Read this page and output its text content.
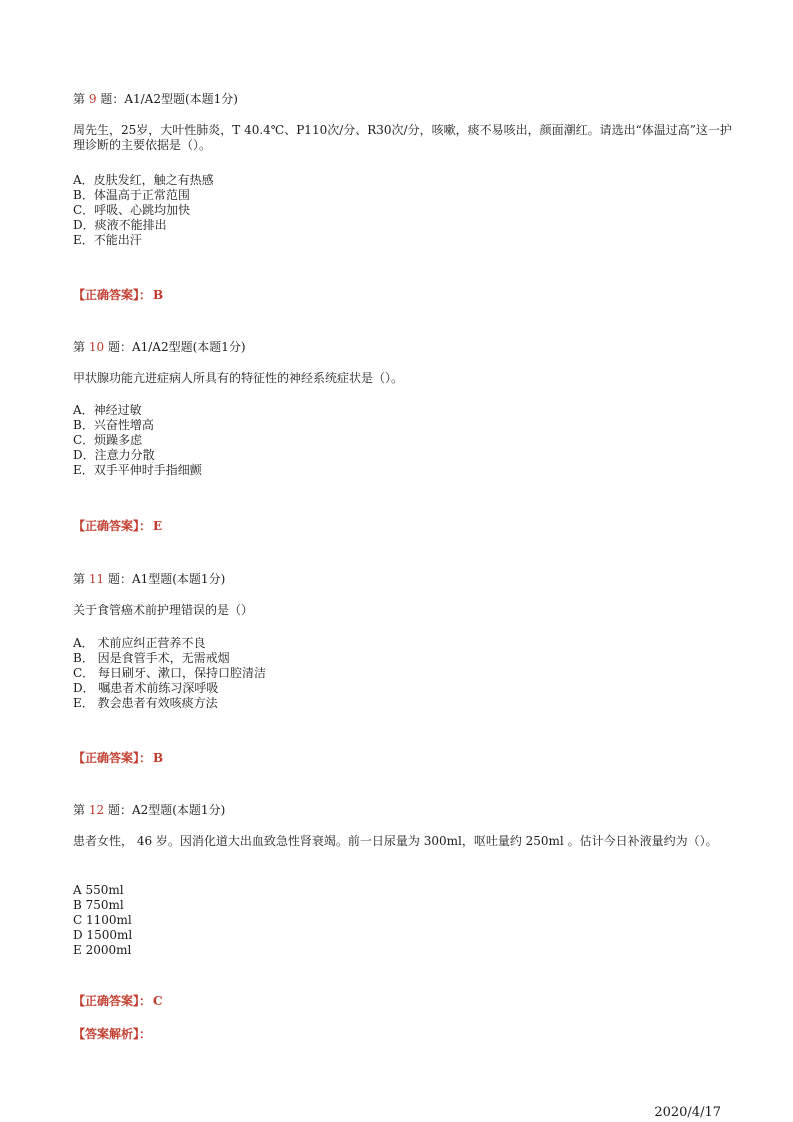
第 9 题：A1/A2型题(本题1分)
周先生，25岁，大叶性肺炎，T 40.4℃、P110次/分、R30次/分，咳嗽，痰不易咳出，颜面潮红。请选出“体温过高”这一护理诊断的主要依据是（）。
A．皮肤发红，触之有热感
B．体温高于正常范围
C．呼吸、心跳均加快
D．痰液不能排出
E．不能出汗
【正确答案】： B
第 10 题：A1/A2型题(本题1分)
甲状腺功能亢进症病人所具有的特征性的神经系统症状是（）。
A．神经过敏
B．兴奋性增高
C．烦躁多虑
D．注意力分散
E．双手平伸时手指细颤
【正确答案】： E
第 11 题：A1型题(本题1分)
关于食管癌术前护理错误的是（）
A． 术前应纠正营养不良
B． 因是食管手术，无需戒烟
C． 每日刷牙、漱口，保持口腔清洁
D． 嘱患者术前练习深呼吸
E． 教会患者有效咳痰方法
【正确答案】： B
第 12 题：A2型题(本题1分)
患者女性， 46 岁。因消化道大出血致急性肾衰竭。前一日尿量为 300ml，呕吐量约 250ml 。估计今日补液量约为（）。
A 550ml
B 750ml
C 1100ml
D 1500ml
E 2000ml
【正确答案】： C
【答案解析】：
2020/4/17
